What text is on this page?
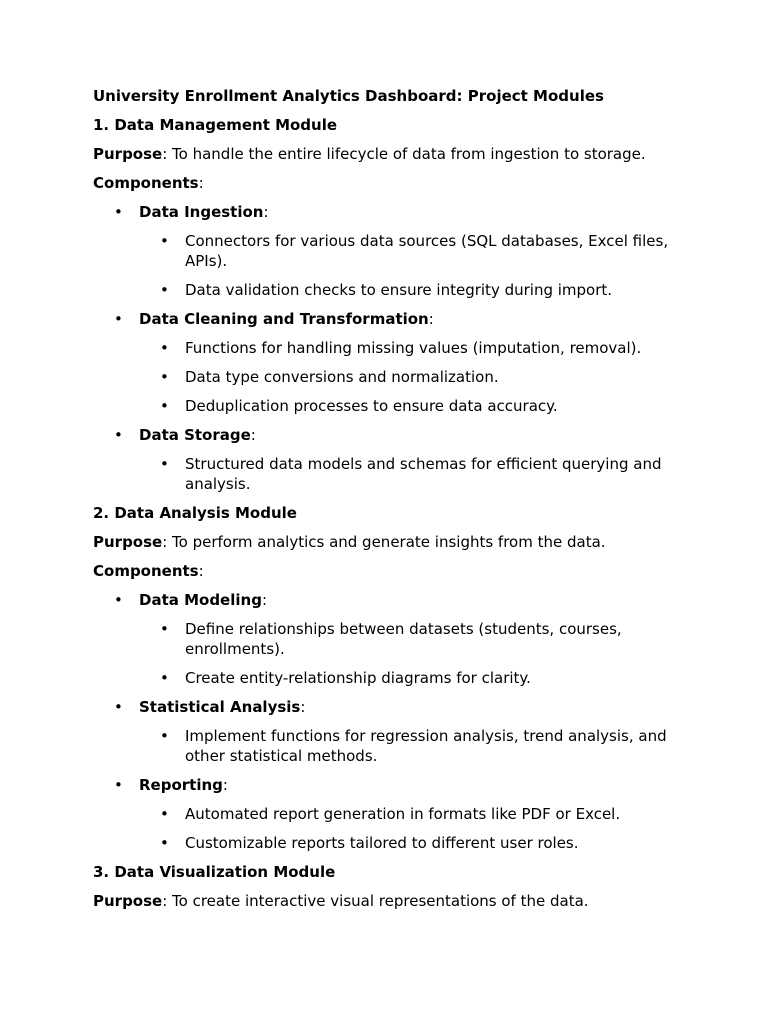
University Enrollment Analytics Dashboard: Project Modules

1. Data Management Module

Purpose: To handle the entire lifecycle of data from ingestion to storage.

Components:

• Data Ingestion:
• Connectors for various data sources (SQL databases, Excel files, APIs).
• Data validation checks to ensure integrity during import.
• Data Cleaning and Transformation:
• Functions for handling missing values (imputation, removal).
• Data type conversions and normalization.
• Deduplication processes to ensure data accuracy.
• Data Storage:
• Structured data models and schemas for efficient querying and analysis.

2. Data Analysis Module

Purpose: To perform analytics and generate insights from the data.

Components:

• Data Modeling:
• Define relationships between datasets (students, courses, enrollments).
• Create entity-relationship diagrams for clarity.
• Statistical Analysis:
• Implement functions for regression analysis, trend analysis, and other statistical methods.
• Reporting:
• Automated report generation in formats like PDF or Excel.
• Customizable reports tailored to different user roles.

3. Data Visualization Module

Purpose: To create interactive visual representations of the data.
